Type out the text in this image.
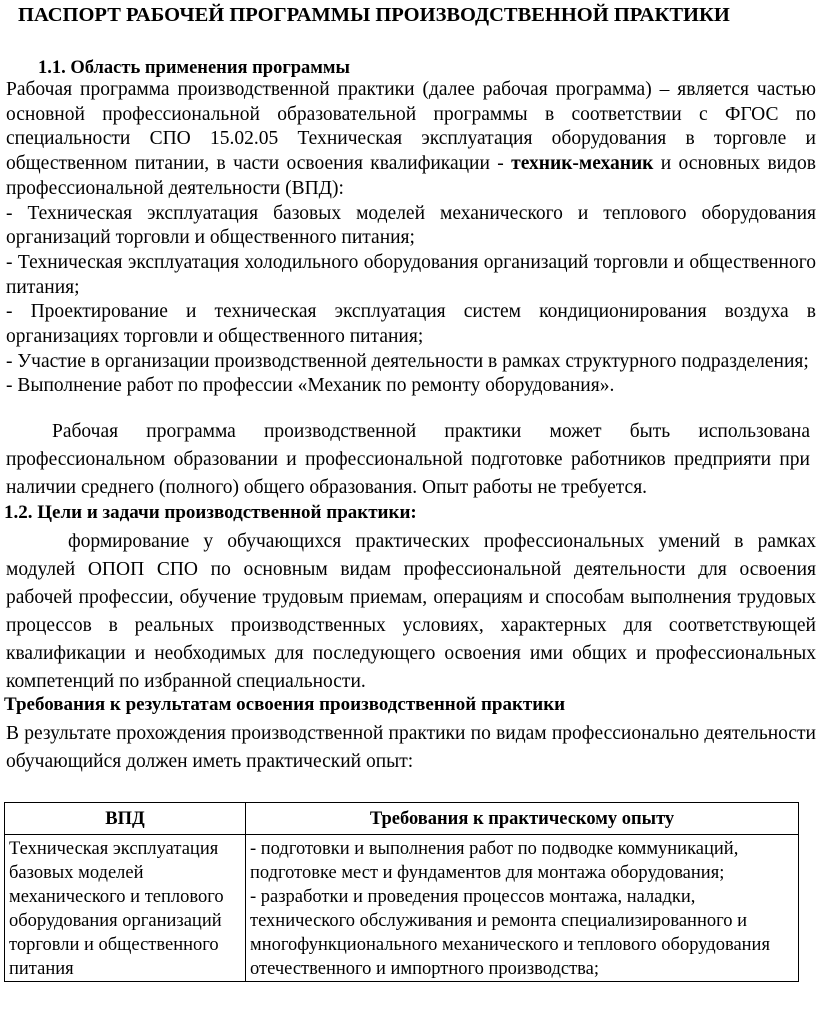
ПАСПОРТ РАБОЧЕЙ ПРОГРАММЫ ПРОИЗВОДСТВЕННОЙ ПРАКТИКИ
1.1. Область применения программы

Рабочая программа производственной практики (далее рабочая программа) – является частью основной профессиональной образовательной программы в соответствии с ФГОС по специальности СПО 15.02.05 Техническая эксплуатация оборудования в торговле и общественном питании, в части освоения квалификации - техник-механик и основных видов профессиональной деятельности (ВПД):

- Техническая эксплуатация базовых моделей механического и теплового оборудования организаций торговли и общественного питания;

- Техническая эксплуатация холодильного оборудования организаций торговли и общественного питания;

- Проектирование и техническая эксплуатация систем кондиционирования воздуха в организациях торговли и общественного питания;

- Участие в организации производственной деятельности в рамках структурного подразделения;

- Выполнение работ по профессии «Механик по ремонту оборудования».

Рабочая программа производственной практики может быть использована профессиональном образовании и профессиональной подготовке работников предприяти при наличии среднего (полного) общего образования. Опыт работы не требуется.
1.2. Цели и задачи производственной практики:
формирование у обучающихся практических профессиональных умений в рамках модулей ОПОП СПО по основным видам профессиональной деятельности для освоения рабочей профессии, обучение трудовым приемам, операциям и способам выполнения трудовых процессов в реальных производственных условиях, характерных для соответствующей квалификации и необходимых для последующего освоения ими общих и профессиональных компетенций по избранной специальности.
Требования к результатам освоения производственной практики
В результате прохождения производственной практики по видам профессионально деятельности обучающийся должен иметь практический опыт:
ВПД	Требования к практическому опыту
Техническая эксплуатация базовых моделей механического и теплового оборудования организаций торговли и общественного питания	- подготовки и выполнения работ по подводке коммуникаций, подготовке мест и фундаментов для монтажа оборудования;
- разработки и проведения процессов монтажа, наладки, технического обслуживания и ремонта специализированного и многофункционального механического и теплового оборудования отечественного и импортного производства;
